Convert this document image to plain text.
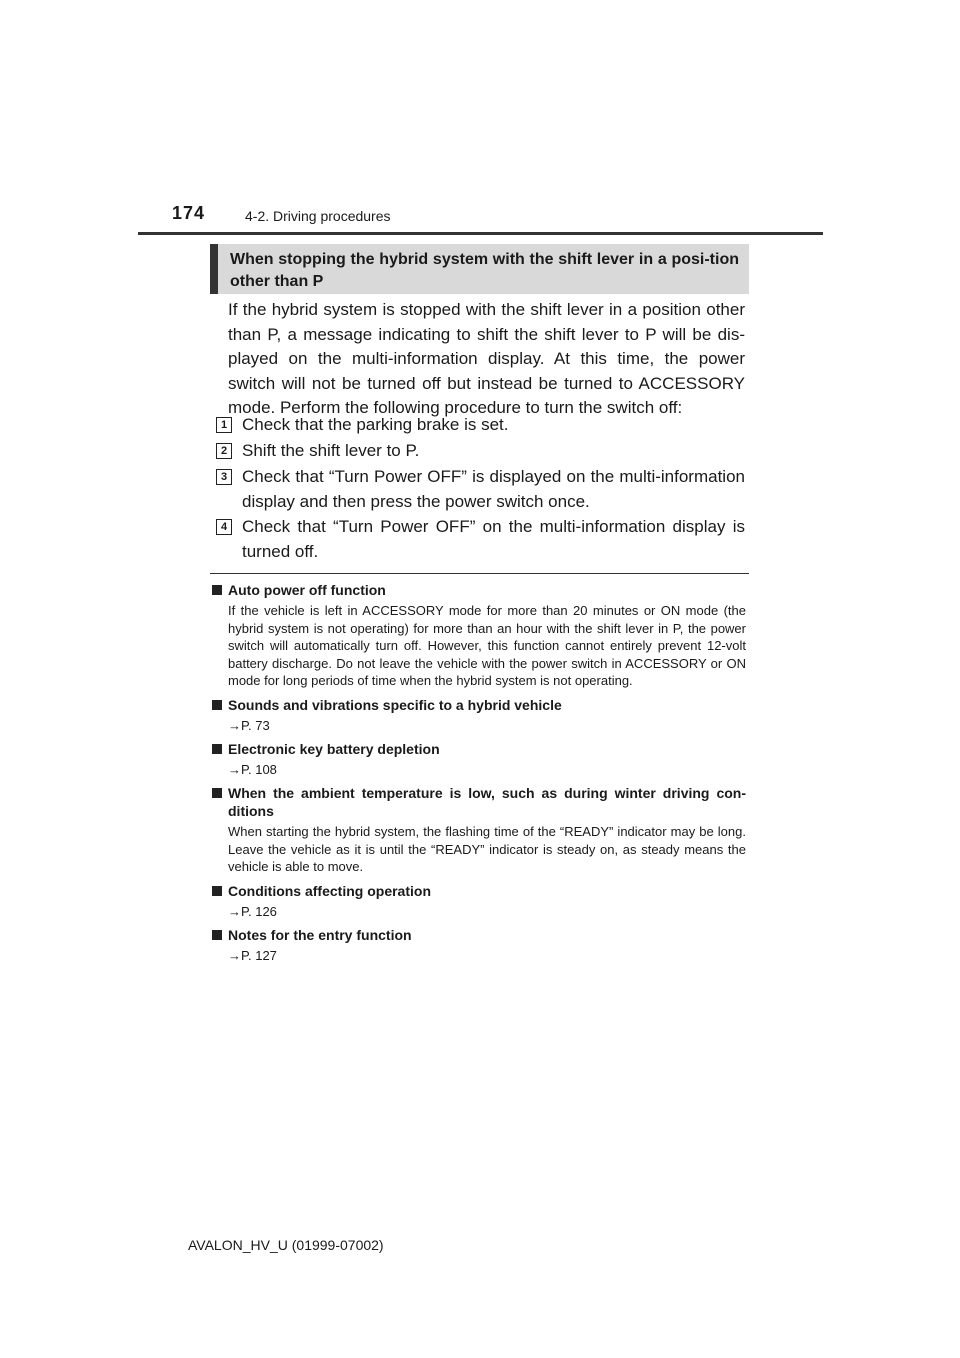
174	4-2. Driving procedures
When stopping the hybrid system with the shift lever in a posi-tion other than P

If the hybrid system is stopped with the shift lever in a position other than P, a message indicating to shift the shift lever to P will be dis-played on the multi-information display. At this time, the power switch will not be turned off but instead be turned to ACCESSORY mode. Perform the following procedure to turn the switch off:

1 Check that the parking brake is set.
2 Shift the shift lever to P.
3 Check that “Turn Power OFF” is displayed on the multi-information display and then press the power switch once.
4 Check that “Turn Power OFF” on the multi-information display is turned off.
Auto power off function
If the vehicle is left in ACCESSORY mode for more than 20 minutes or ON mode (the hybrid system is not operating) for more than an hour with the shift lever in P, the power switch will automatically turn off. However, this function cannot entirely prevent 12-volt battery discharge. Do not leave the vehicle with the power switch in ACCESSORY or ON mode for long periods of time when the hybrid system is not operating.
Sounds and vibrations specific to a hybrid vehicle
→P. 73
Electronic key battery depletion
→P. 108
When the ambient temperature is low, such as during winter driving con-ditions
When starting the hybrid system, the flashing time of the “READY” indicator may be long. Leave the vehicle as it is until the “READY” indicator is steady on, as steady means the vehicle is able to move.
Conditions affecting operation
→P. 126
Notes for the entry function
→P. 127
AVALON_HV_U (01999-07002)
